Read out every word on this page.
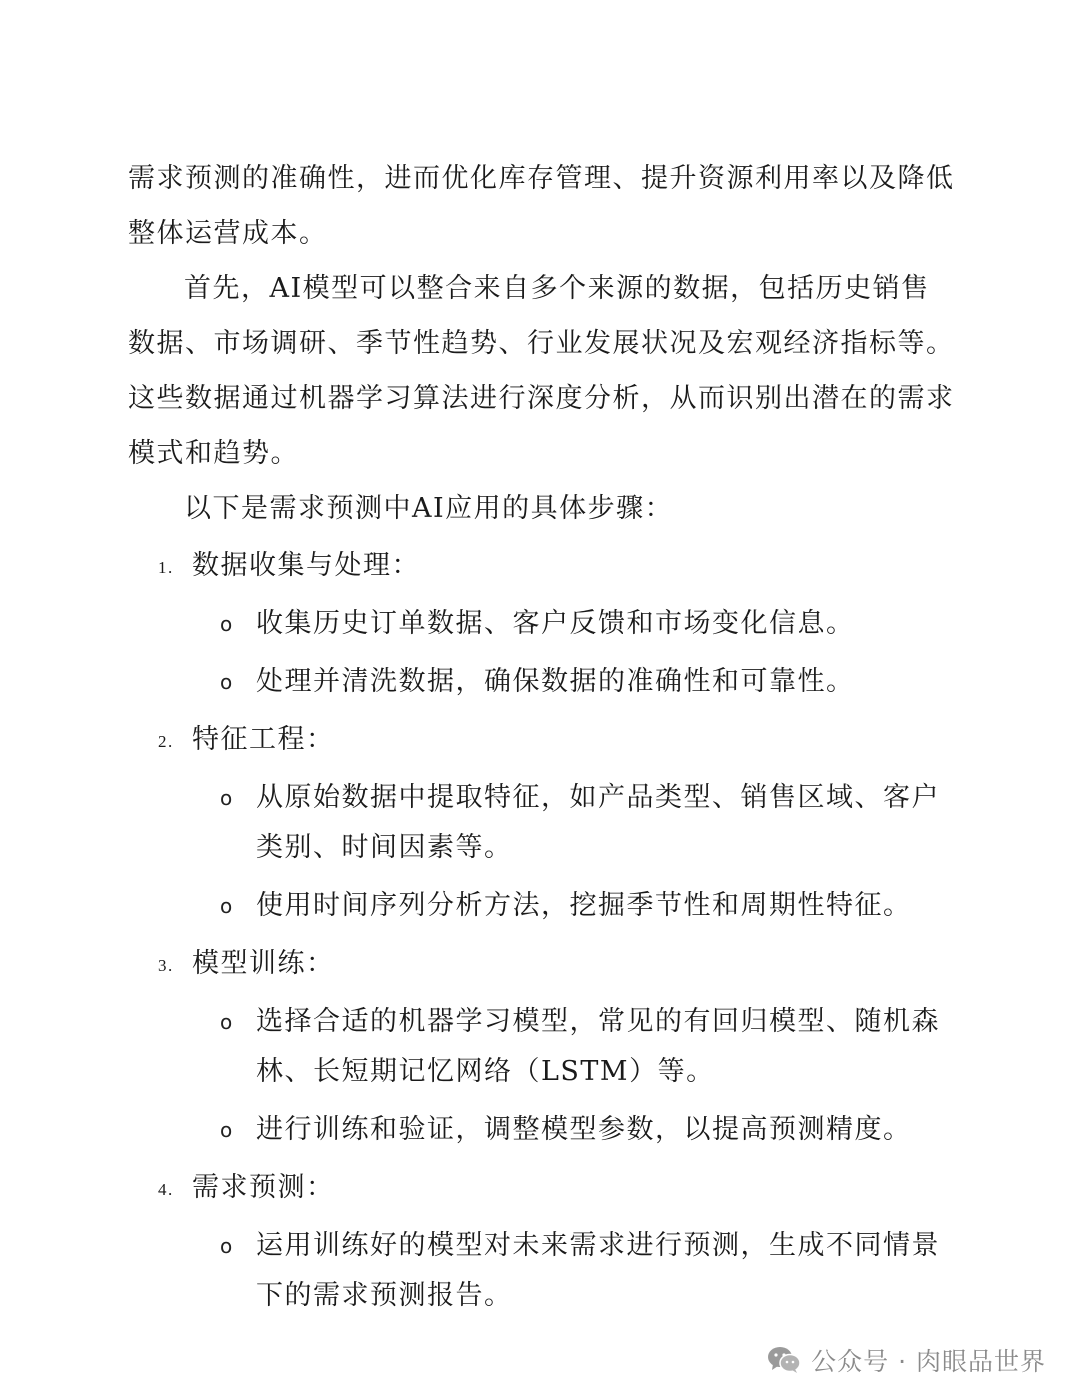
需求预测的准确性，进而优化库存管理、提升资源利用率以及降低整体运营成本。

首先，AI模型可以整合来自多个来源的数据，包括历史销售数据、市场调研、季节性趋势、行业发展状况及宏观经济指标等。这些数据通过机器学习算法进行深度分析，从而识别出潜在的需求模式和趋势。

以下是需求预测中AI应用的具体步骤：

1. 数据收集与处理：
o 收集历史订单数据、客户反馈和市场变化信息。
o 处理并清洗数据，确保数据的准确性和可靠性。
2. 特征工程：
o 从原始数据中提取特征，如产品类型、销售区域、客户类别、时间因素等。
o 使用时间序列分析方法，挖掘季节性和周期性特征。
3. 模型训练：
o 选择合适的机器学习模型，常见的有回归模型、随机森林、长短期记忆网络（LSTM）等。
o 进行训练和验证，调整模型参数，以提高预测精度。
4. 需求预测：
o 运用训练好的模型对未来需求进行预测，生成不同情景下的需求预测报告。
公众号 · 肉眼品世界
